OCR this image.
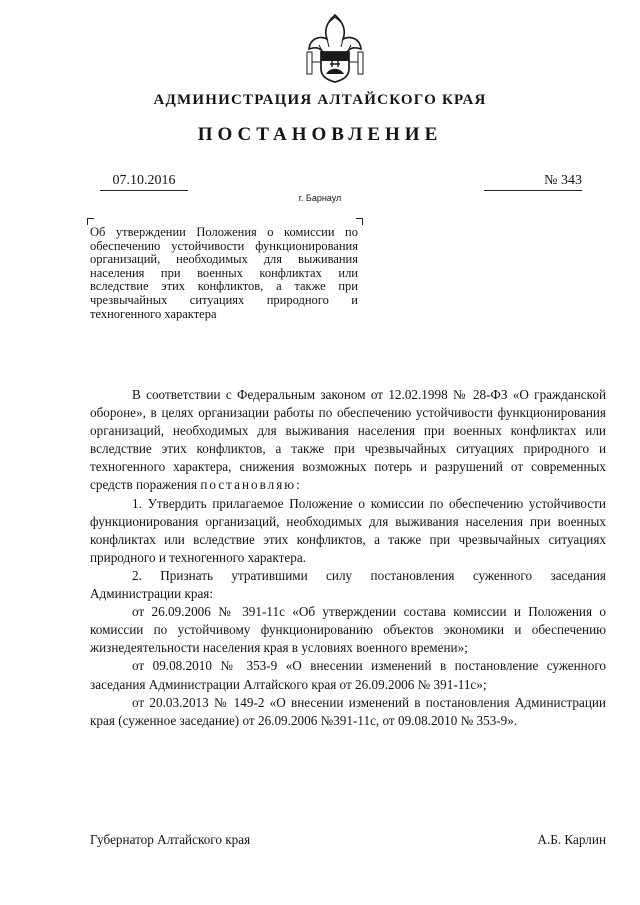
АДМИНИСТРАЦИЯ АЛТАЙСКОГО КРАЯ
ПОСТАНОВЛЕНИЕ
07.10.2016	№ 343
г. Барнаул
Об утверждении Положения о комиссии по обеспечению устойчивости функционирования организаций, необходимых для выживания населения при военных конфликтах или вследствие этих конфликтов, а также при чрезвычайных ситуациях природного и техногенного характера

В соответствии с Федеральным законом от 12.02.1998 № 28-ФЗ «О гражданской обороне», в целях организации работы по обеспечению устойчивости функционирования организаций, необходимых для выживания населения при военных конфликтах или вследствие этих конфликтов, а также при чрезвычайных ситуациях природного и техногенного характера, снижения возможных потерь и разрушений от современных средств поражения постановляю:

1. Утвердить прилагаемое Положение о комиссии по обеспечению устойчивости функционирования организаций, необходимых для выживания населения при военных конфликтах или вследствие этих конфликтов, а также при чрезвычайных ситуациях природного и техногенного характера.

2. Признать утратившими силу постановления суженного заседания Администрации края:

от 26.09.2006 № 391-11с «Об утверждении состава комиссии и Положения о комиссии по устойчивому функционированию объектов экономики и обеспечению жизнедеятельности населения края в условиях военного времени»;

от 09.08.2010 № 353-9 «О внесении изменений в постановление суженного заседания Администрации Алтайского края от 26.09.2006 № 391-11с»;

от 20.03.2013 № 149-2 «О внесении изменений в постановления Администрации края (суженное заседание) от 26.09.2006 №391-11с, от 09.08.2010 № 353-9».

Губернатор Алтайского края	А.Б. Карлин
